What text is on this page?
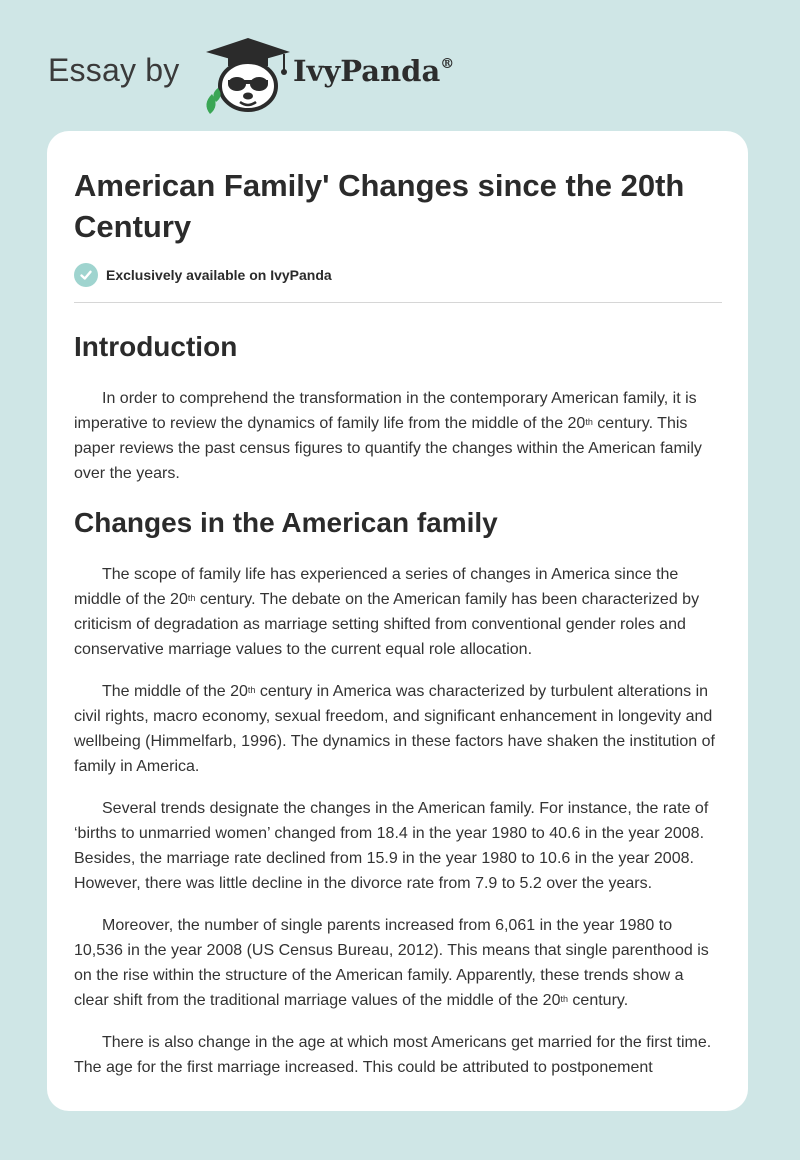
Essay by	IvyPanda®
American Family' Changes since the 20th Century
Exclusively available on IvyPanda
Introduction

In order to comprehend the transformation in the contemporary American family, it is imperative to review the dynamics of family life from the middle of the 20th century. This paper reviews the past census figures to quantify the changes within the American family over the years.

Changes in the American family

The scope of family life has experienced a series of changes in America since the middle of the 20th century. The debate on the American family has been characterized by criticism of degradation as marriage setting shifted from conventional gender roles and conservative marriage values to the current equal role allocation.

The middle of the 20th century in America was characterized by turbulent alterations in civil rights, macro economy, sexual freedom, and significant enhancement in longevity and wellbeing (Himmelfarb, 1996). The dynamics in these factors have shaken the institution of family in America.

Several trends designate the changes in the American family. For instance, the rate of ‘births to unmarried women’ changed from 18.4 in the year 1980 to 40.6 in the year 2008. Besides, the marriage rate declined from 15.9 in the year 1980 to 10.6 in the year 2008. However, there was little decline in the divorce rate from 7.9 to 5.2 over the years.

Moreover, the number of single parents increased from 6,061 in the year 1980 to 10,536 in the year 2008 (US Census Bureau, 2012). This means that single parenthood is on the rise within the structure of the American family. Apparently, these trends show a clear shift from the traditional marriage values of the middle of the 20th century.

There is also change in the age at which most Americans get married for the first time. The age for the first marriage increased. This could be attributed to postponement
